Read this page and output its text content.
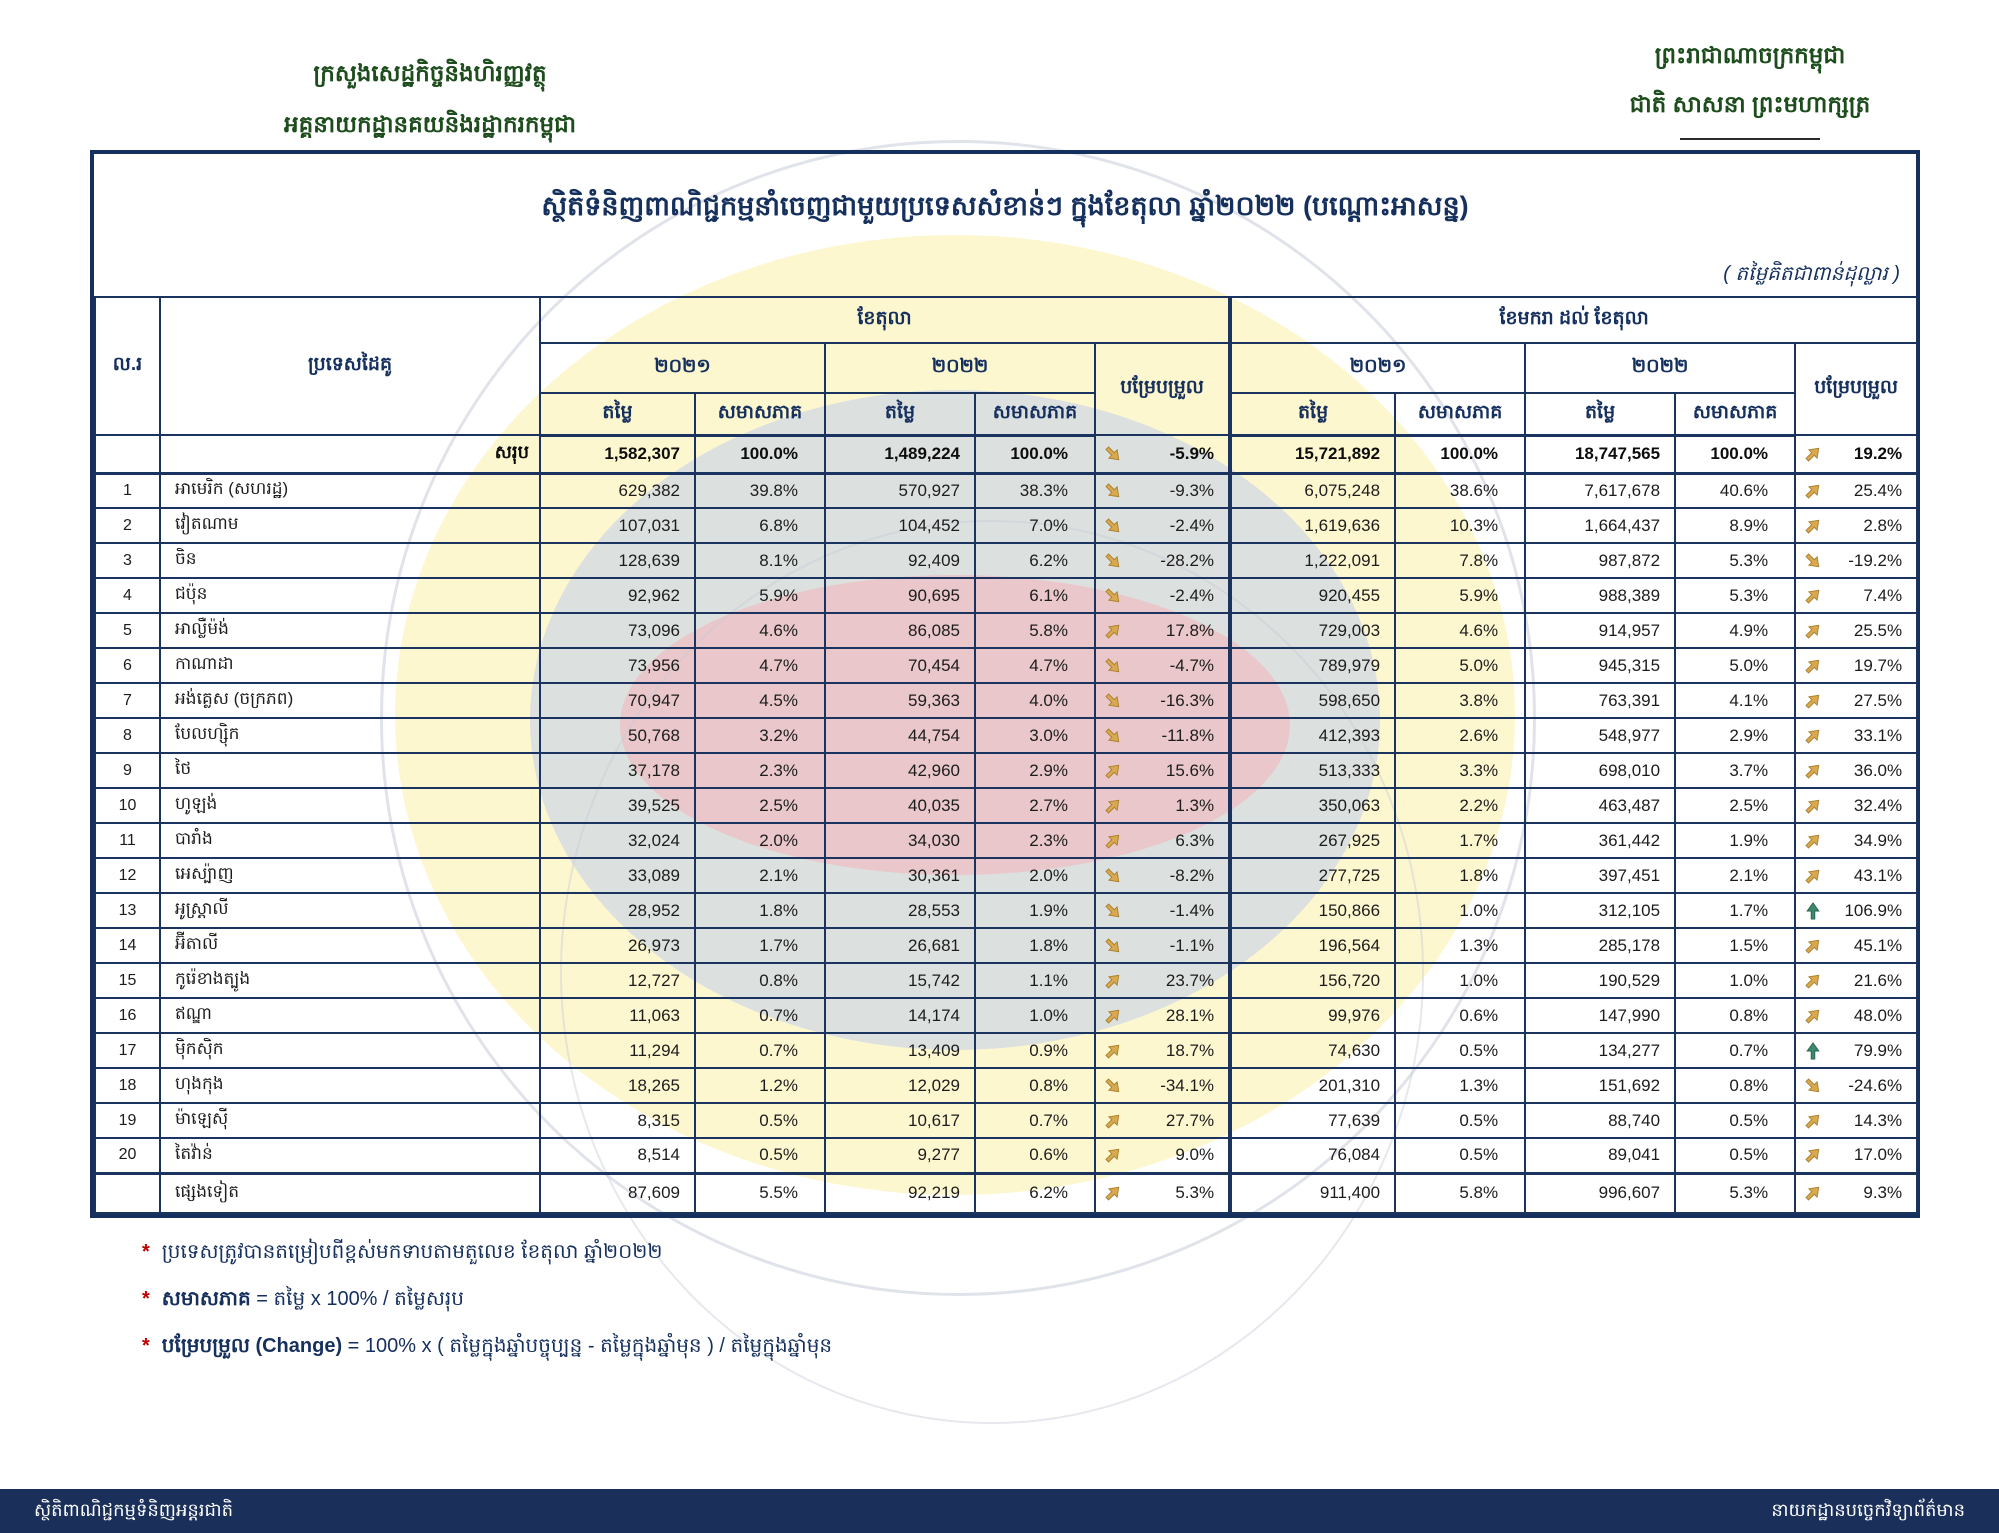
ក្រសួងសេដ្ឋកិច្ចនិងហិរញ្ញវត្ថុ
អគ្គនាយកដ្ឋានគយនិងរដ្ឋាករកម្ពុជា
ព្រះរាជាណាចក្រកម្ពុជា
ជាតិ សាសនា ព្រះមហាក្សត្រ
ស្ថិតិទំនិញពាណិជ្ជកម្មនាំចេញជាមួយប្រទេសសំខាន់ៗ ក្នុងខែតុលា ឆ្នាំ២០២២ (បណ្ដោះអាសន្ន)
( តម្លៃគិតជាពាន់ដុល្លារ )
ល.រ	ប្រទេសដៃគូ	ខែតុលា					ខែមករា ដល់ ខែតុលា				
		២០២១		២០២២		បម្រែបម្រួល	២០២១		២០២២		បម្រែបម្រួល
		តម្លៃ	សមាសភាគ	តម្លៃ	សមាសភាគ		តម្លៃ	សមាសភាគ	តម្លៃ	សមាសភាគ	
	សរុប	1,582,307	100.0%	1,489,224	100.0%	-5.9%	15,721,892	100.0%	18,747,565	100.0%	19.2%

1	អាមេរិក (សហរដ្ឋ)	629,382	39.8%	570,927	38.3%	-9.3%	6,075,248	38.6%	7,617,678	40.6%	25.4%

2	វៀតណាម	107,031	6.8%	104,452	7.0%	-2.4%	1,619,636	10.3%	1,664,437	8.9%	2.8%

3	ចិន	128,639	8.1%	92,409	6.2%	-28.2%	1,222,091	7.8%	987,872	5.3%	-19.2%

4	ជប៉ុន	92,962	5.9%	90,695	6.1%	-2.4%	920,455	5.9%	988,389	5.3%	7.4%

5	អាល្លឺម៉ង់	73,096	4.6%	86,085	5.8%	17.8%	729,003	4.6%	914,957	4.9%	25.5%

6	កាណាដា	73,956	4.7%	70,454	4.7%	-4.7%	789,979	5.0%	945,315	5.0%	19.7%

7	អង់គ្លេស (ចក្រភព)	70,947	4.5%	59,363	4.0%	-16.3%	598,650	3.8%	763,391	4.1%	27.5%

8	បែលហ្ស៊ិក	50,768	3.2%	44,754	3.0%	-11.8%	412,393	2.6%	548,977	2.9%	33.1%

9	ថៃ	37,178	2.3%	42,960	2.9%	15.6%	513,333	3.3%	698,010	3.7%	36.0%

10	ហូឡង់	39,525	2.5%	40,035	2.7%	1.3%	350,063	2.2%	463,487	2.5%	32.4%

11	បារាំង	32,024	2.0%	34,030	2.3%	6.3%	267,925	1.7%	361,442	1.9%	34.9%

12	អេស្ប៉ាញ	33,089	2.1%	30,361	2.0%	-8.2%	277,725	1.8%	397,451	2.1%	43.1%

13	អូស្ត្រាលី	28,952	1.8%	28,553	1.9%	-1.4%	150,866	1.0%	312,105	1.7%	106.9%

14	អ៊ីតាលី	26,973	1.7%	26,681	1.8%	-1.1%	196,564	1.3%	285,178	1.5%	45.1%

15	កូរ៉េខាងត្បូង	12,727	0.8%	15,742	1.1%	23.7%	156,720	1.0%	190,529	1.0%	21.6%

16	ឥណ្ឌា	11,063	0.7%	14,174	1.0%	28.1%	99,976	0.6%	147,990	0.8%	48.0%

17	ម៉ិកស៊ិក	11,294	0.7%	13,409	0.9%	18.7%	74,630	0.5%	134,277	0.7%	79.9%

18	ហុងកុង	18,265	1.2%	12,029	0.8%	-34.1%	201,310	1.3%	151,692	0.8%	-24.6%

19	ម៉ាឡេស៊ី	8,315	0.5%	10,617	0.7%	27.7%	77,639	0.5%	88,740	0.5%	14.3%

20	តៃវ៉ាន់	8,514	0.5%	9,277	0.6%	9.0%	76,084	0.5%	89,041	0.5%	17.0%

	ផ្សេងទៀត	87,609	5.5%	92,219	6.2%	5.3%	911,400	5.8%	996,607	5.3%	9.3%
* ប្រទេសត្រូវបានតម្រៀបពីខ្ពស់មកទាបតាមតួលេខ ខែតុលា ឆ្នាំ២០២២
* សមាសភាគ = តម្លៃ x 100% / តម្លៃសរុប
* បម្រែបម្រួល (Change) = 100% x ( តម្លៃក្នុងឆ្នាំបច្ចុប្បន្ន - តម្លៃក្នុងឆ្នាំមុន ) / តម្លៃក្នុងឆ្នាំមុន
ស្ថិតិពាណិជ្ជកម្មទំនិញអន្តរជាតិ	នាយកដ្ឋានបច្ចេកវិទ្យាព័ត៌មាន
